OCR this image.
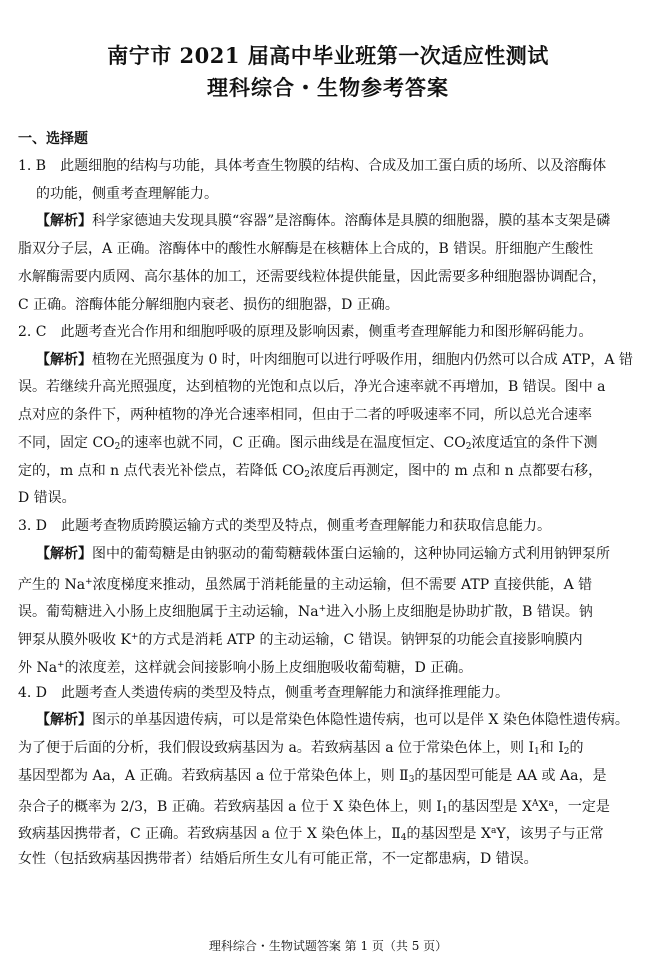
南宁市 2021 届高中毕业班第一次适应性测试
理科综合・生物参考答案
一、选择题
1. B　此题细胞的结构与功能，具体考查生物膜的结构、合成及加工蛋白质的场所、以及溶酶体
的功能，侧重考查理解能力。
【解析】科学家德迪夫发现具膜“容器”是溶酶体。溶酶体是具膜的细胞器，膜的基本支架是磷
脂双分子层，A 正确。溶酶体中的酸性水解酶是在核糖体上合成的，B 错误。肝细胞产生酸性
水解酶需要内质网、高尔基体的加工，还需要线粒体提供能量，因此需要多种细胞器协调配合，
C 正确。溶酶体能分解细胞内衰老、损伤的细胞器，D 正确。
2. C　此题考查光合作用和细胞呼吸的原理及影响因素，侧重考查理解能力和图形解码能力。
【解析】植物在光照强度为 0 时，叶肉细胞可以进行呼吸作用，细胞内仍然可以合成 ATP，A 错
误。若继续升高光照强度，达到植物的光饱和点以后，净光合速率就不再增加，B 错误。图中 a
点对应的条件下，两种植物的净光合速率相同，但由于二者的呼吸速率不同，所以总光合速率
不同，固定 $CO_2$的速率也就不同，C 正确。图示曲线是在温度恒定、$CO_2$浓度适宜的条件下测
定的，m 点和 n 点代表光补偿点，若降低 $CO_2$浓度后再测定，图中的 m 点和 n 点都要右移，
D 错误。
3. D　此题考查物质跨膜运输方式的类型及特点，侧重考查理解能力和获取信息能力。
【解析】图中的葡萄糖是由钠驱动的葡萄糖载体蛋白运输的，这种协同运输方式利用钠钾泵所
产生的 Na+浓度梯度来推动，虽然属于消耗能量的主动运输，但不需要 ATP 直接供能，A 错
误。葡萄糖进入小肠上皮细胞属于主动运输，Na+进入小肠上皮细胞是协助扩散，B 错误。钠
钾泵从膜外吸收 K+的方式是消耗 ATP 的主动运输，C 错误。钠钾泵的功能会直接影响膜内
外 Na+的浓度差，这样就会间接影响小肠上皮细胞吸收葡萄糖，D 正确。
4. D　此题考查人类遗传病的类型及特点，侧重考查理解能力和演绎推理能力。
【解析】图示的单基因遗传病，可以是常染色体隐性遗传病，也可以是伴 X 染色体隐性遗传病。
为了便于后面的分析，我们假设致病基因为 a。若致病基因 a 位于常染色体上，则 $Ⅰ_1$和 $Ⅰ_2$的
基因型都为 Aa，A 正确。若致病基因 a 位于常染色体上，则 $Ⅱ_3$的基因型可能是 AA 或 Aa，是
杂合子的概率为 2/3，B 正确。若致病基因 a 位于 X 染色体上，则 $Ⅰ_1$的基因型是 $X^AX^a$，一定是
致病基因携带者，C 正确。若致病基因 a 位于 X 染色体上，$Ⅱ_4$的基因型是 $X^aY$，该男子与正常
女性（包括致病基因携带者）结婚后所生女儿有可能正常，不一定都患病，D 错误。
理科综合・生物试题答案 第 1 页（共 5 页）
